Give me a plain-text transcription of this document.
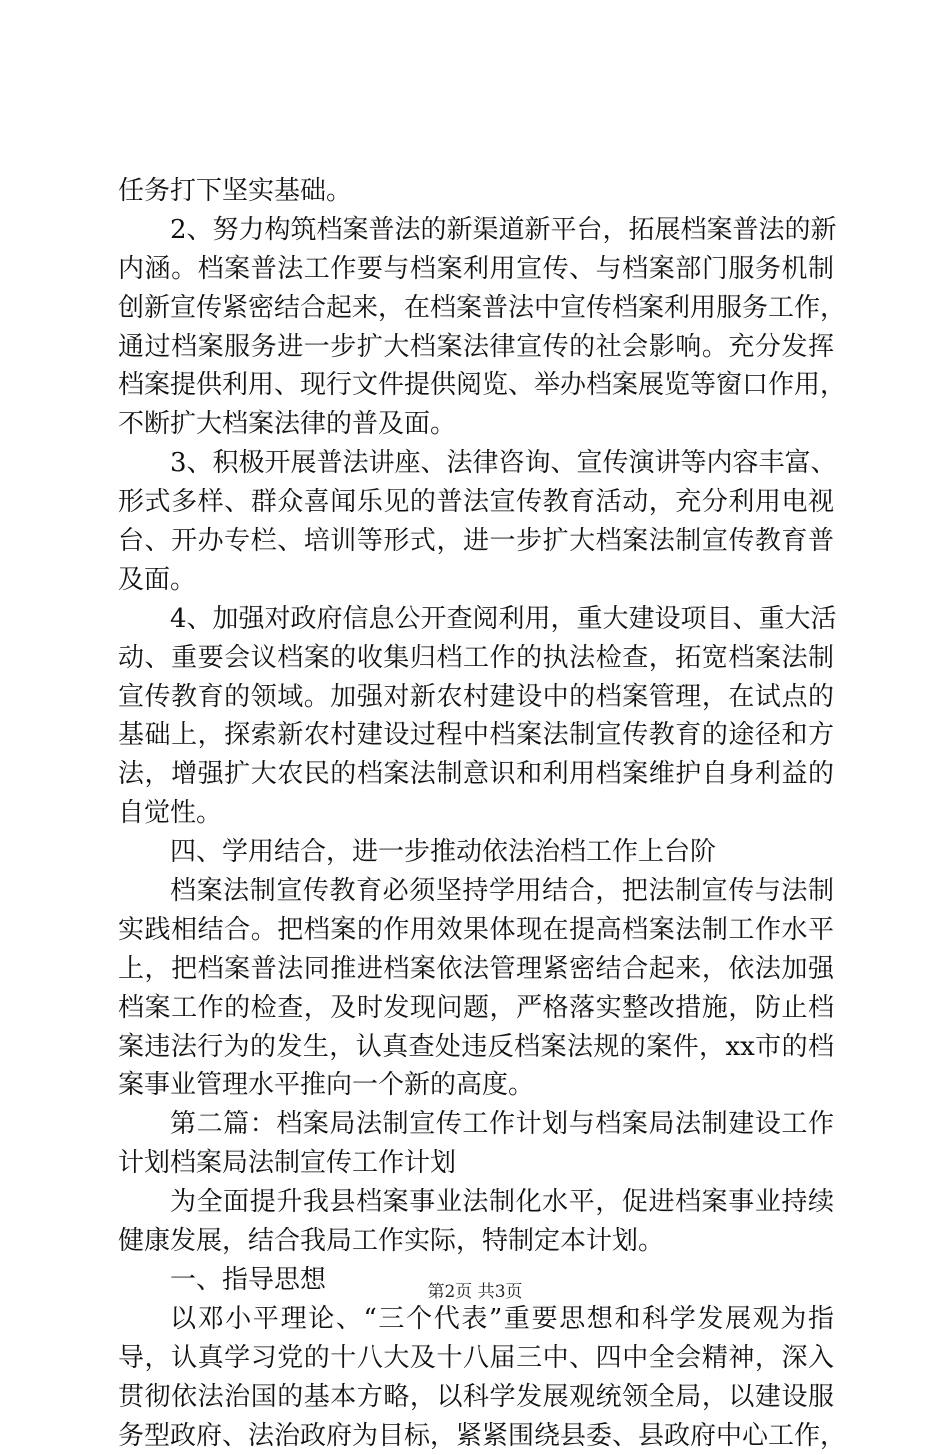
任务打下坚实基础。
2、努力构筑档案普法的新渠道新平台，拓展档案普法的新
内涵。档案普法工作要与档案利用宣传、与档案部门服务机制
创新宣传紧密结合起来，在档案普法中宣传档案利用服务工作，
通过档案服务进一步扩大档案法律宣传的社会影响。充分发挥
档案提供利用、现行文件提供阅览、举办档案展览等窗口作用，
不断扩大档案法律的普及面。
3、积极开展普法讲座、法律咨询、宣传演讲等内容丰富、
形式多样、群众喜闻乐见的普法宣传教育活动，充分利用电视
台、开办专栏、培训等形式，进一步扩大档案法制宣传教育普
及面。
4、加强对政府信息公开查阅利用，重大建设项目、重大活
动、重要会议档案的收集归档工作的执法检查，拓宽档案法制
宣传教育的领域。加强对新农村建设中的档案管理，在试点的
基础上，探索新农村建设过程中档案法制宣传教育的途径和方
法，增强扩大农民的档案法制意识和利用档案维护自身利益的
自觉性。
四、学用结合，进一步推动依法治档工作上台阶
档案法制宣传教育必须坚持学用结合，把法制宣传与法制
实践相结合。把档案的作用效果体现在提高档案法制工作水平
上，把档案普法同推进档案依法管理紧密结合起来，依法加强
档案工作的检查，及时发现问题，严格落实整改措施，防止档
案违法行为的发生，认真查处违反档案法规的案件，xx市的档
案事业管理水平推向一个新的高度。
第二篇：档案局法制宣传工作计划与档案局法制建设工作
计划档案局法制宣传工作计划
为全面提升我县档案事业法制化水平，促进档案事业持续
健康发展，结合我局工作实际，特制定本计划。
一、指导思想
以邓小平理论、“三个代表”重要思想和科学发展观为指
导，认真学习党的十八大及十八届三中、四中全会精神，深入
贯彻依法治国的基本方略，以科学发展观统领全局，以建设服
务型政府、法治政府为目标，紧紧围绕县委、县政府中心工作，
第2页 共3页
